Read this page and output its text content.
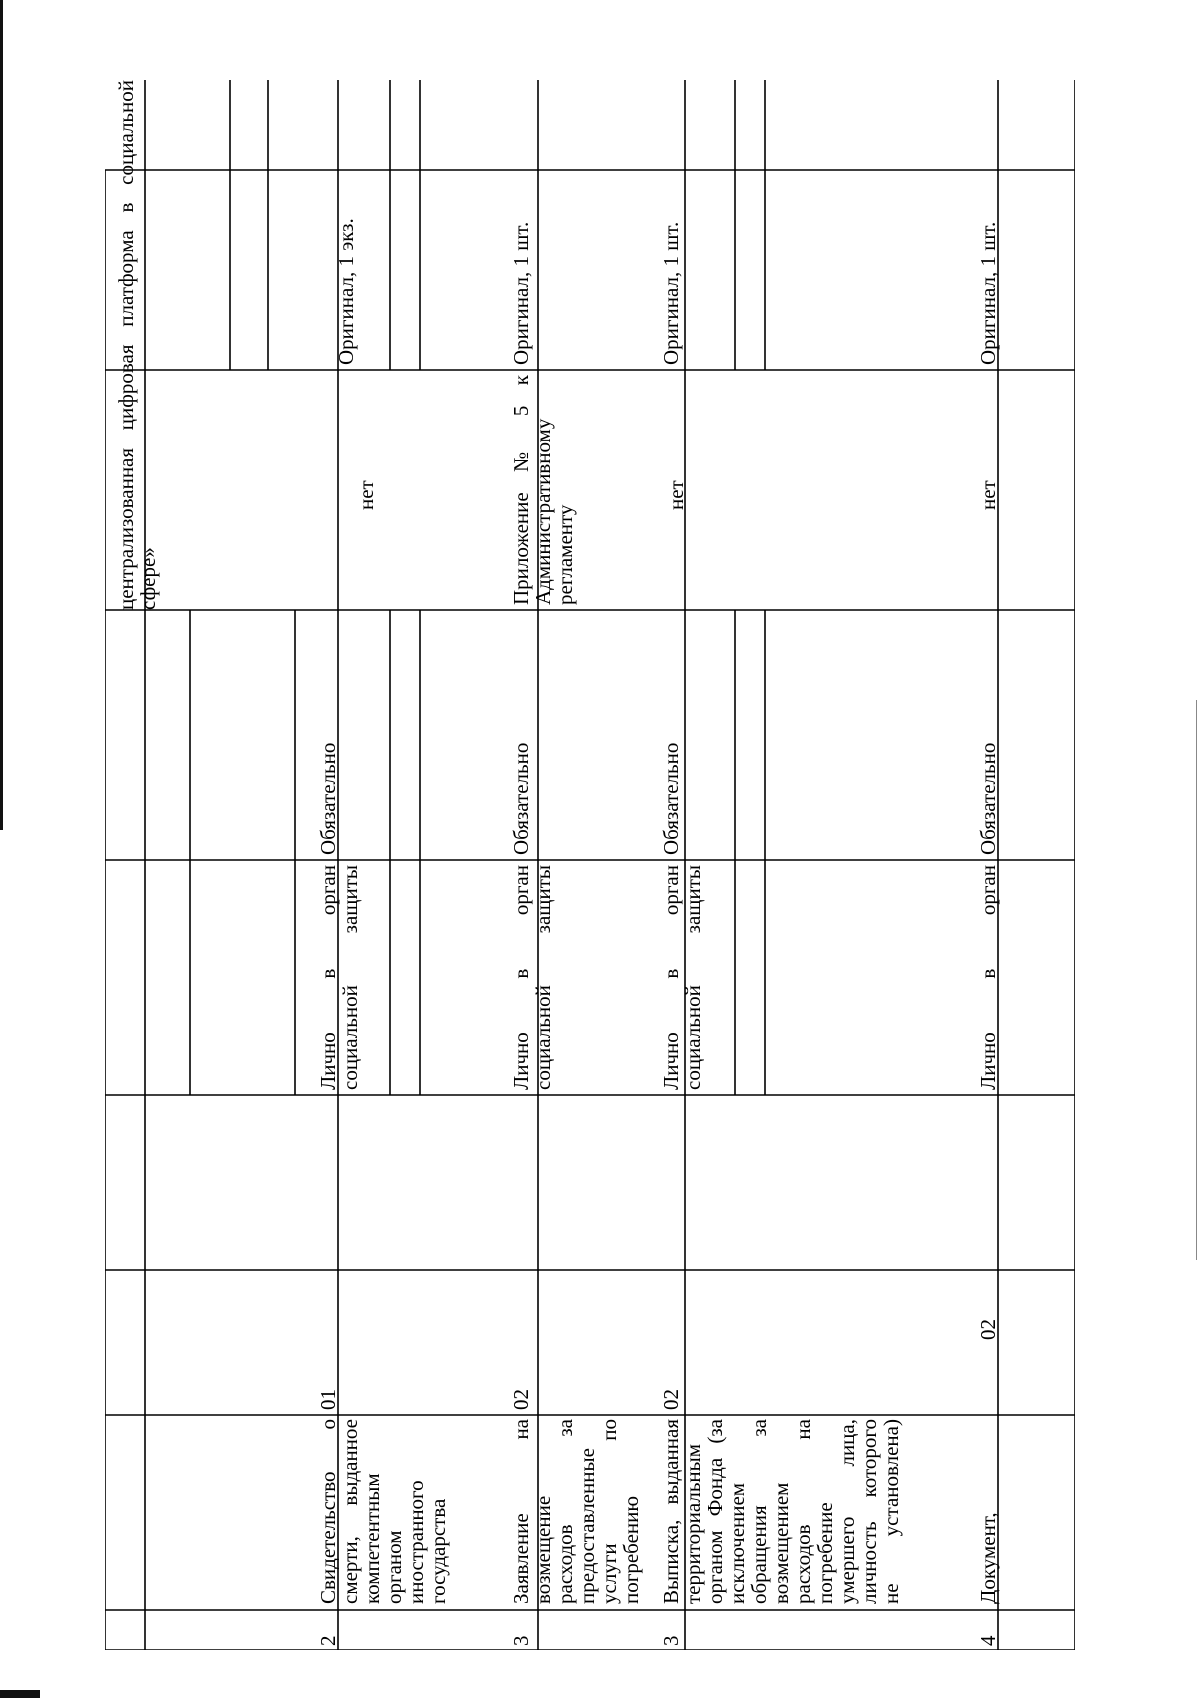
централизованная цифровая платформа в социальной сфере»
2
Свидетельство о смерти, выданное компетентным органом иностранного государства
01
Лично в орган социальной защиты
Обязательно
нет
Оригинал, 1 экз.
3
Заявление на возмещение расходов за предоставленные услуги по погребению
02
Лично в орган социальной защиты
Обязательно
Приложение № 5 к Административному регламенту
Оригинал, 1 шт.
3
Выписка, выданная территориальным органом Фонда (за исключением обращения за возмещением расходов на погребение умершего лица, личность которого не установлена)
02
Лично в орган социальной защиты
Обязательно
нет
Оригинал, 1 шт.
4
Документ,
02
Лично в орган
Обязательно
нет
Оригинал, 1 шт.
